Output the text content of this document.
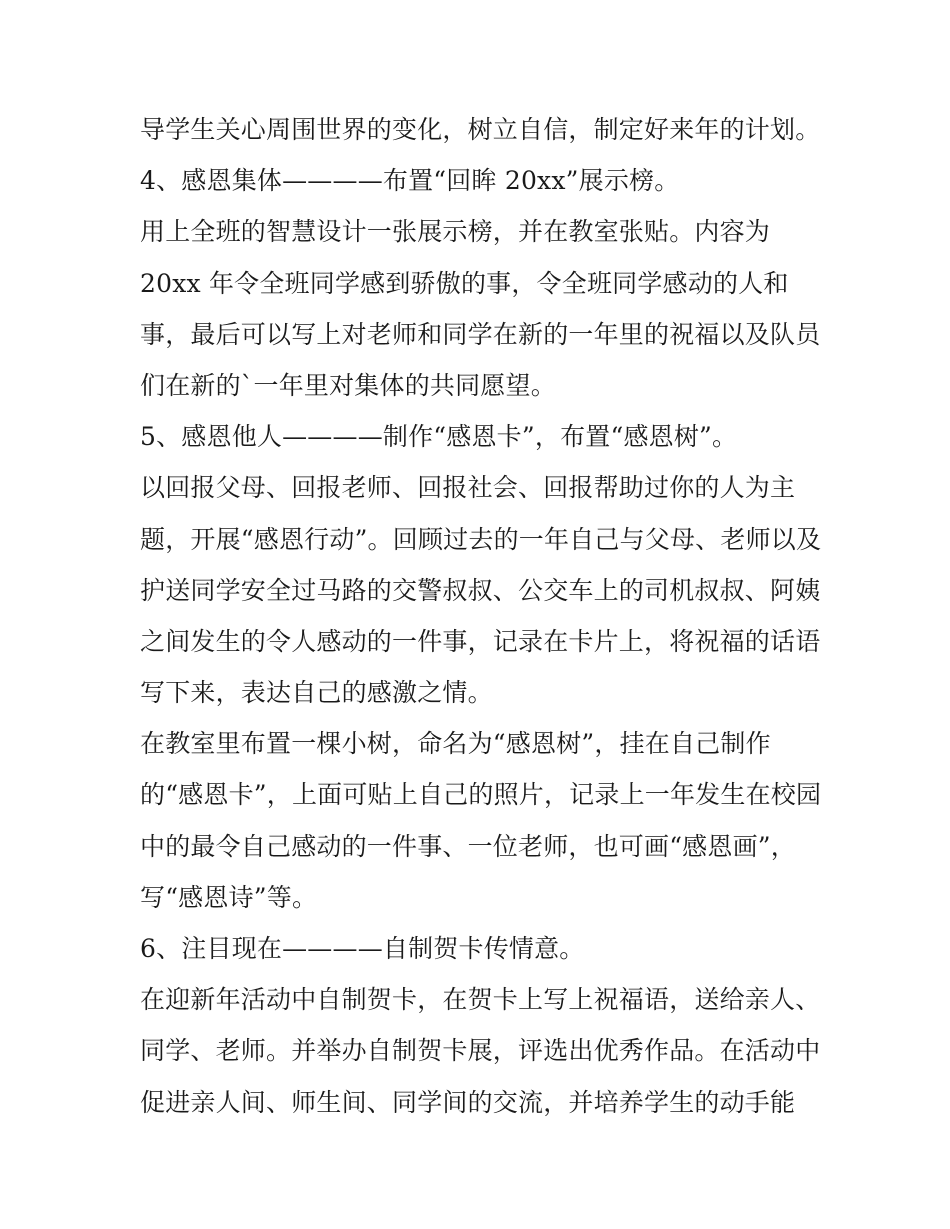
导学生关心周围世界的变化，树立自信，制定好来年的计划。
4、感恩集体————布置“回眸 20xx”展示榜。
用上全班的智慧设计一张展示榜，并在教室张贴。内容为
20xx 年令全班同学感到骄傲的事，令全班同学感动的人和
事，最后可以写上对老师和同学在新的一年里的祝福以及队员
们在新的`一年里对集体的共同愿望。
5、感恩他人————制作“感恩卡”，布置“感恩树”。
以回报父母、回报老师、回报社会、回报帮助过你的人为主
题，开展“感恩行动”。回顾过去的一年自己与父母、老师以及
护送同学安全过马路的交警叔叔、公交车上的司机叔叔、阿姨
之间发生的令人感动的一件事，记录在卡片上，将祝福的话语
写下来，表达自己的感激之情。
在教室里布置一棵小树，命名为“感恩树”，挂在自己制作
的“感恩卡”，上面可贴上自己的照片，记录上一年发生在校园
中的最令自己感动的一件事、一位老师，也可画“感恩画”，
写“感恩诗”等。
6、注目现在————自制贺卡传情意。
在迎新年活动中自制贺卡，在贺卡上写上祝福语，送给亲人、
同学、老师。并举办自制贺卡展，评选出优秀作品。在活动中
促进亲人间、师生间、同学间的交流，并培养学生的动手能
